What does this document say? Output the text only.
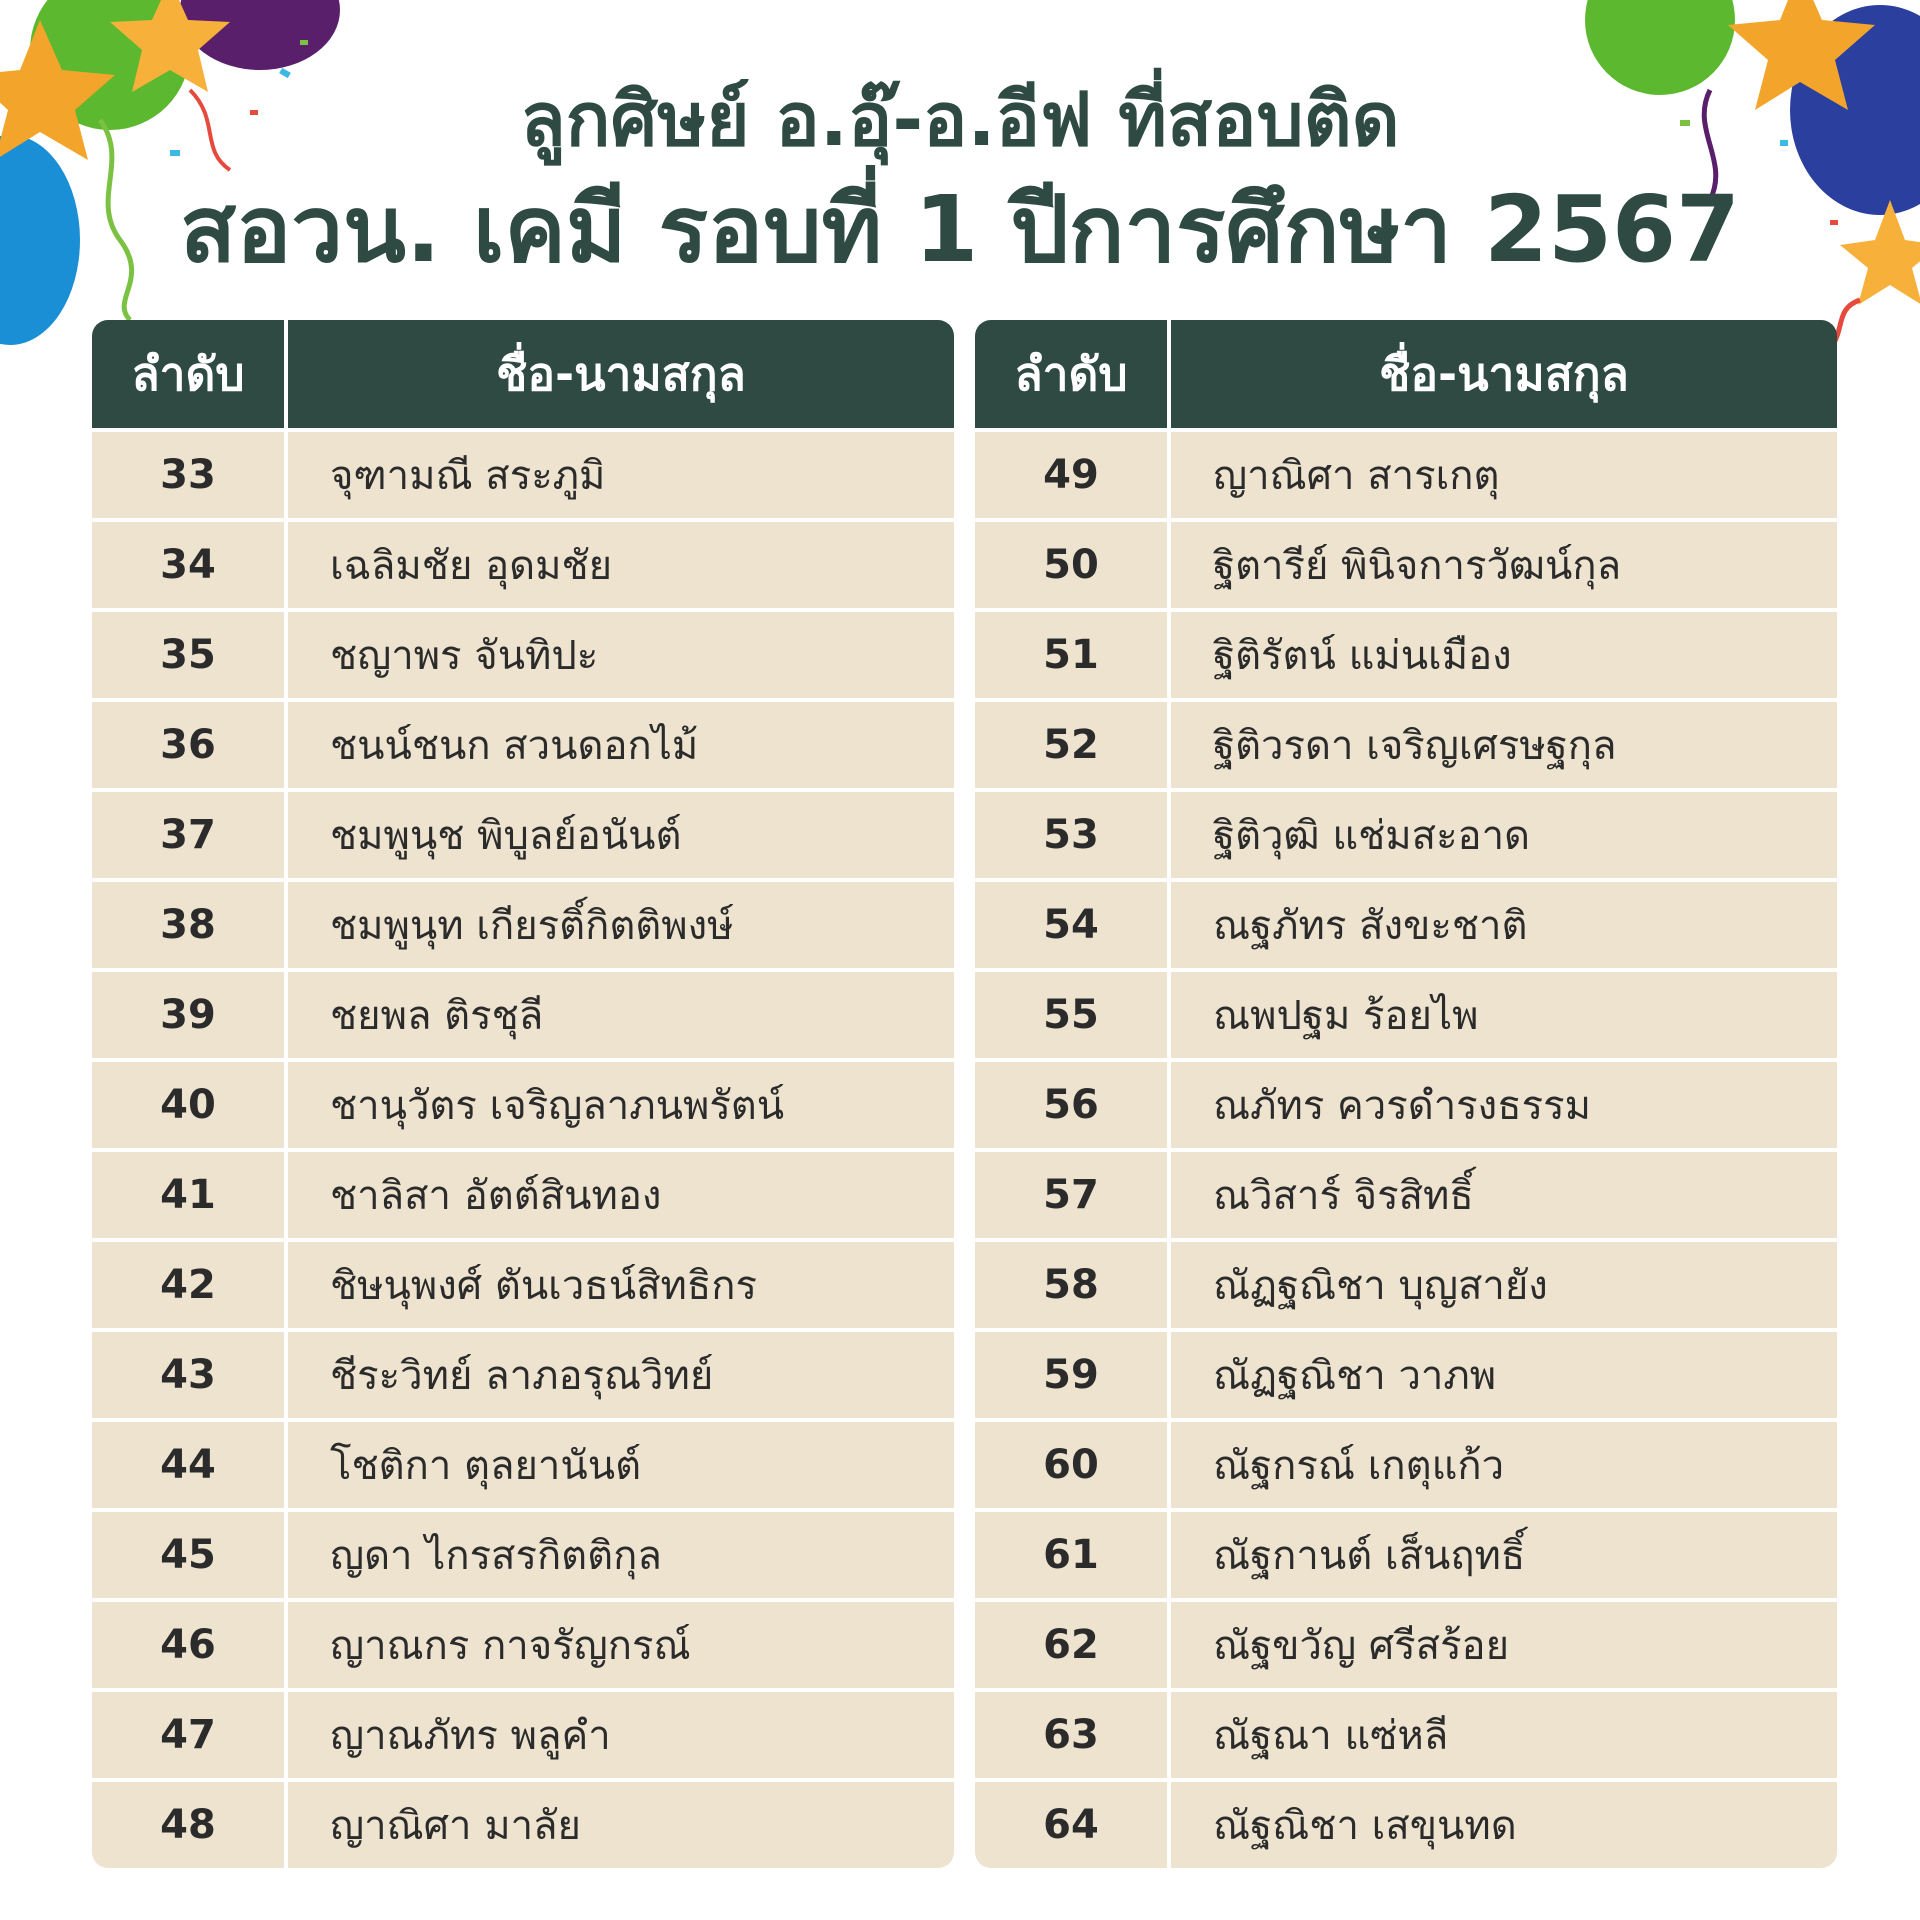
ลูกศิษย์ อ.อุ๊-อ.อีฟ ที่สอบติด
สอวน. เคมี รอบที่ 1 ปีการศึกษา 2567
ลำดับ	ชื่อ-นามสกุล
33	จุฑามณี สระภูมิ
34	เฉลิมชัย อุดมชัย
35	ชญาพร จันทิปะ
36	ชนน์ชนก สวนดอกไม้
37	ชมพูนุช พิบูลย์อนันต์
38	ชมพูนุท เกียรติ์กิตติพงษ์
39	ชยพล ติรชุลี
40	ชานุวัตร เจริญลาภนพรัตน์
41	ชาลิสา อัตต์สินทอง
42	ชิษนุพงศ์ ตันเวธน์สิทธิกร
43	ชีระวิทย์ ลาภอรุณวิทย์
44	โชติกา ตุลยานันต์
45	ญดา ไกรสรกิตติกุล
46	ญาณกร กาจรัญกรณ์
47	ญาณภัทร พลูคำ
48	ญาณิศา มาลัย
ลำดับ	ชื่อ-นามสกุล
49	ญาณิศา สารเกตุ
50	ฐิตารีย์ พินิจการวัฒน์กุล
51	ฐิติรัตน์ แม่นเมือง
52	ฐิติวรดา เจริญเศรษฐกุล
53	ฐิติวุฒิ แช่มสะอาด
54	ณฐภัทร สังขะชาติ
55	ณพปฐม ร้อยไพ
56	ณภัทร ควรดำรงธรรม
57	ณวิสาร์ จิรสิทธิ์
58	ณัฏฐณิชา บุญสายัง
59	ณัฏฐณิชา วาภพ
60	ณัฐกรณ์ เกตุแก้ว
61	ณัฐกานต์ เส็นฤทธิ์
62	ณัฐขวัญ ศรีสร้อย
63	ณัฐณา แซ่หลี
64	ณัฐณิชา เสขุนทด
